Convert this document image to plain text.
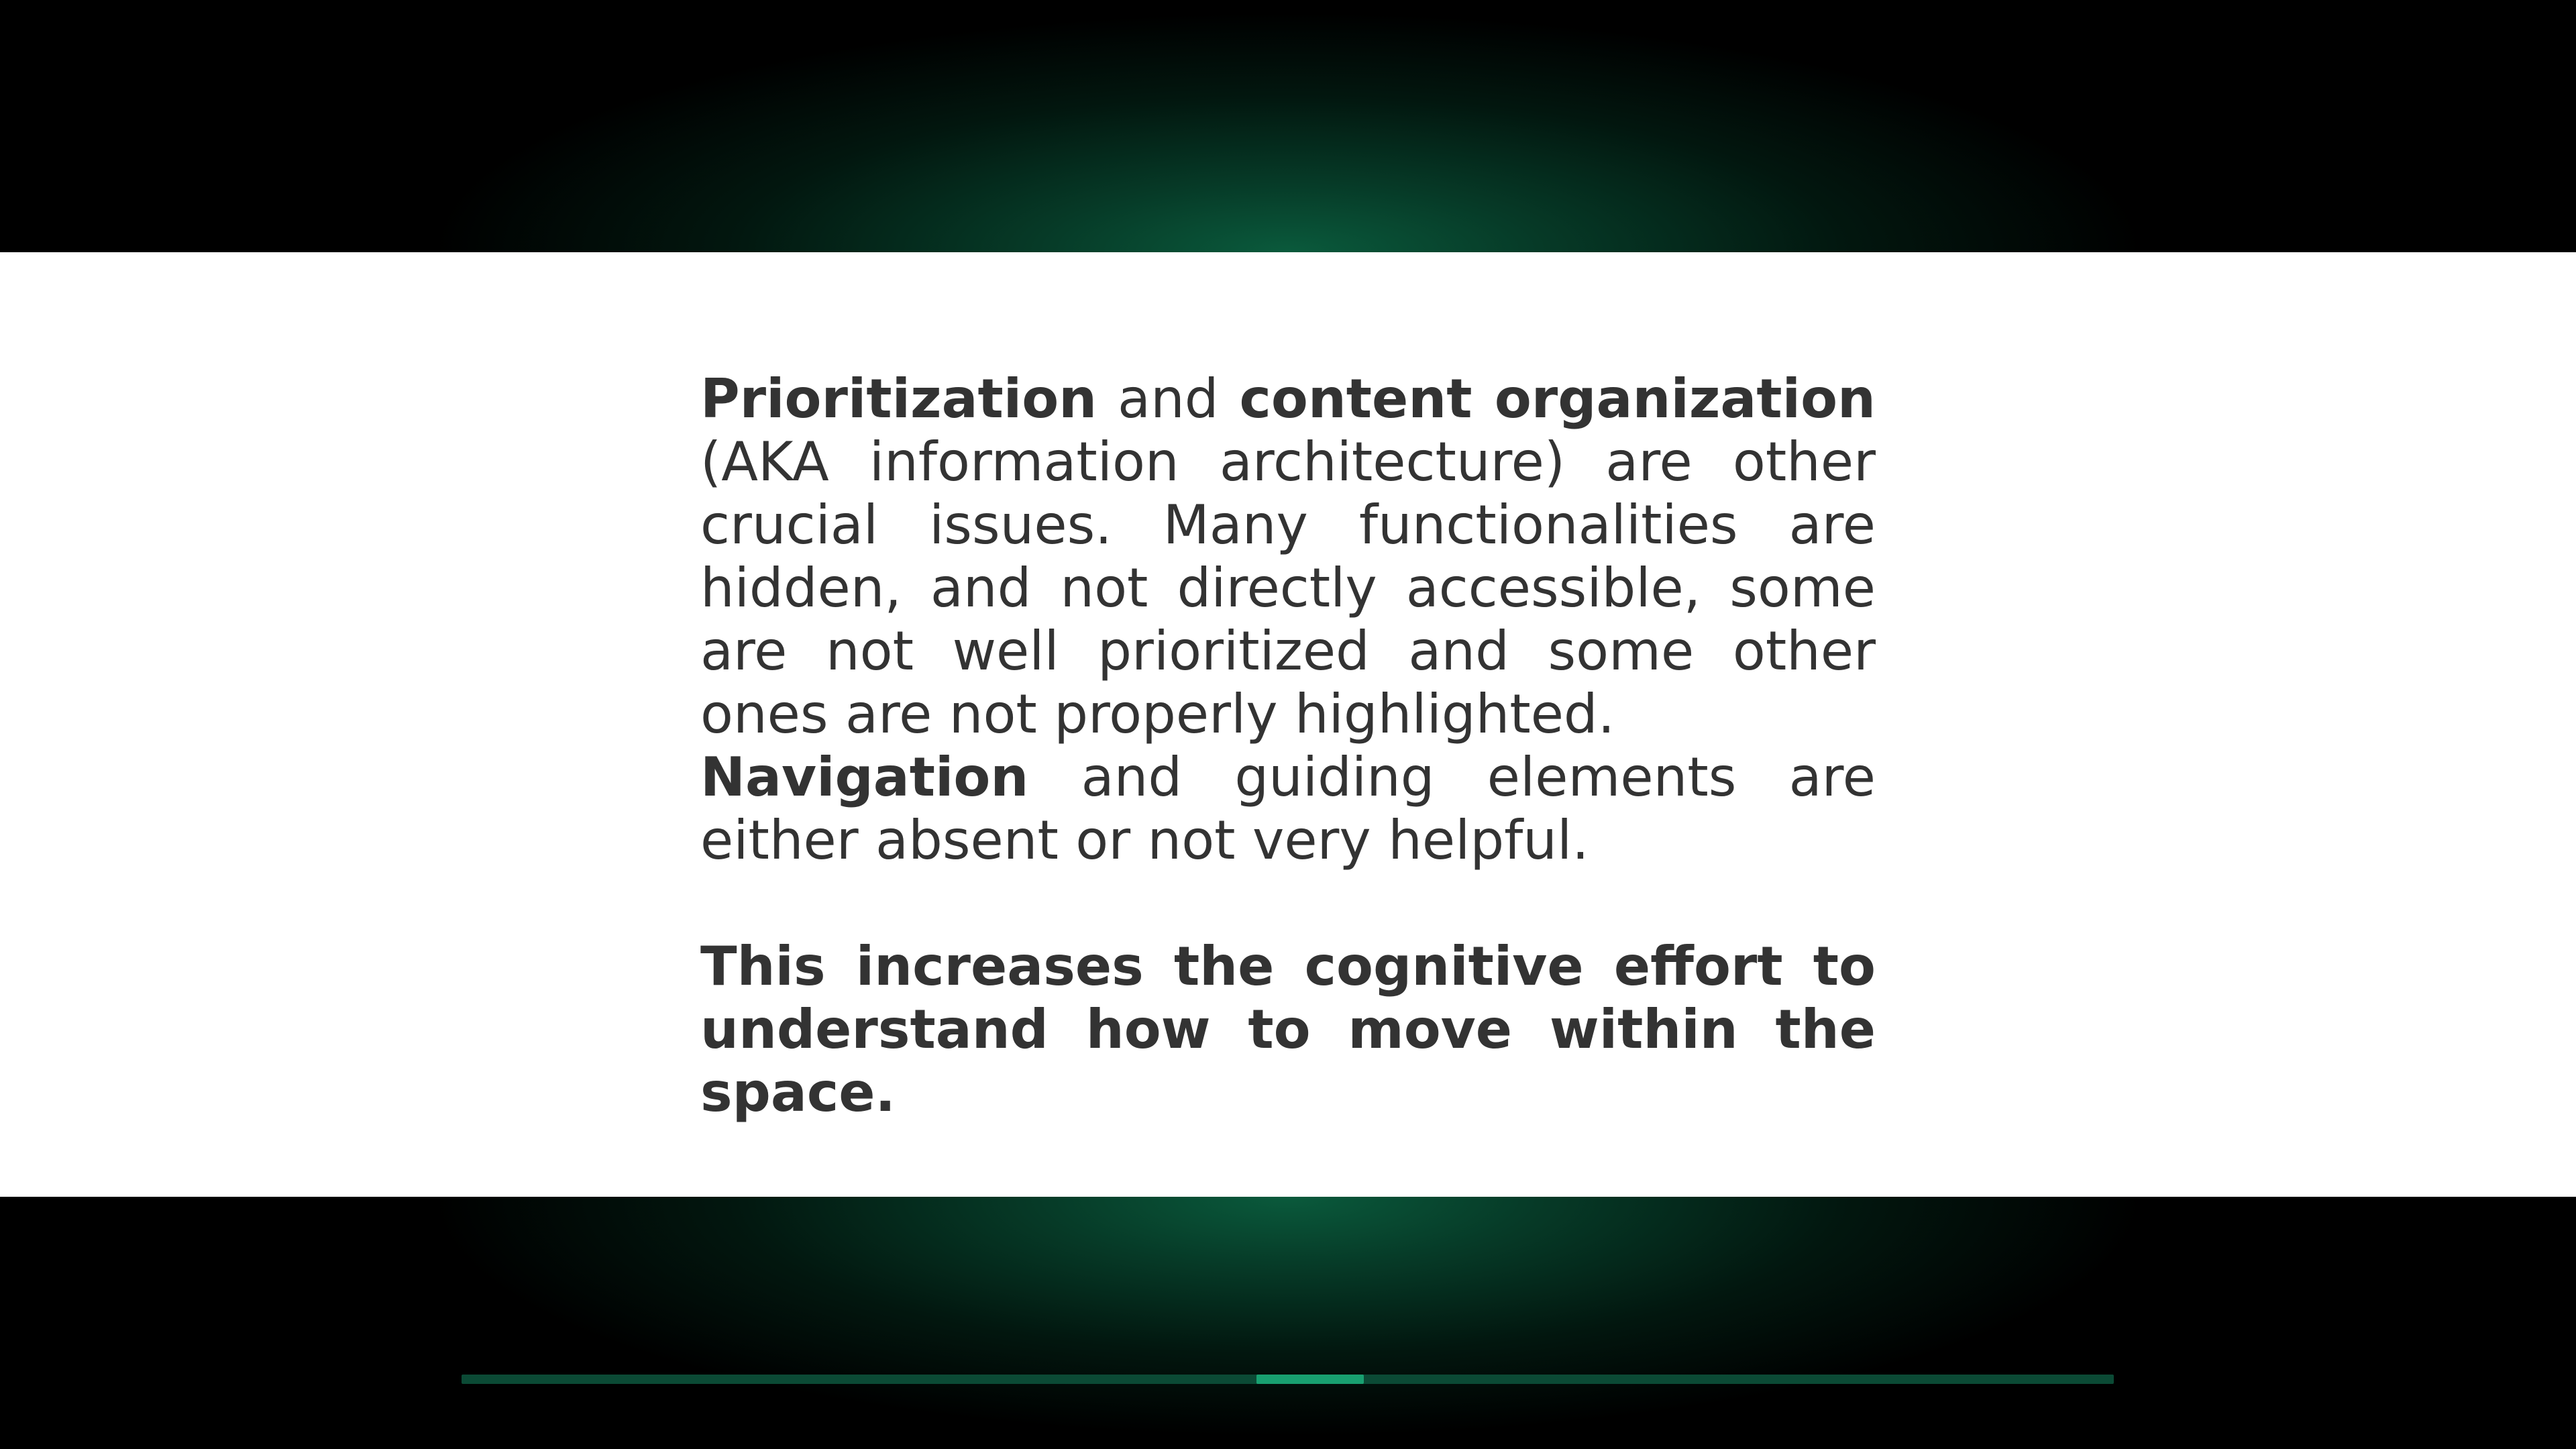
Prioritization and content organization (AKA information architecture) are other crucial issues. Many functionalities are hidden, and not directly accessible, some are not well prioritized and some other ones are not properly highlighted.

Navigation and guiding elements are either absent or not very helpful.

This increases the cognitive effort to understand how to move within the space.
